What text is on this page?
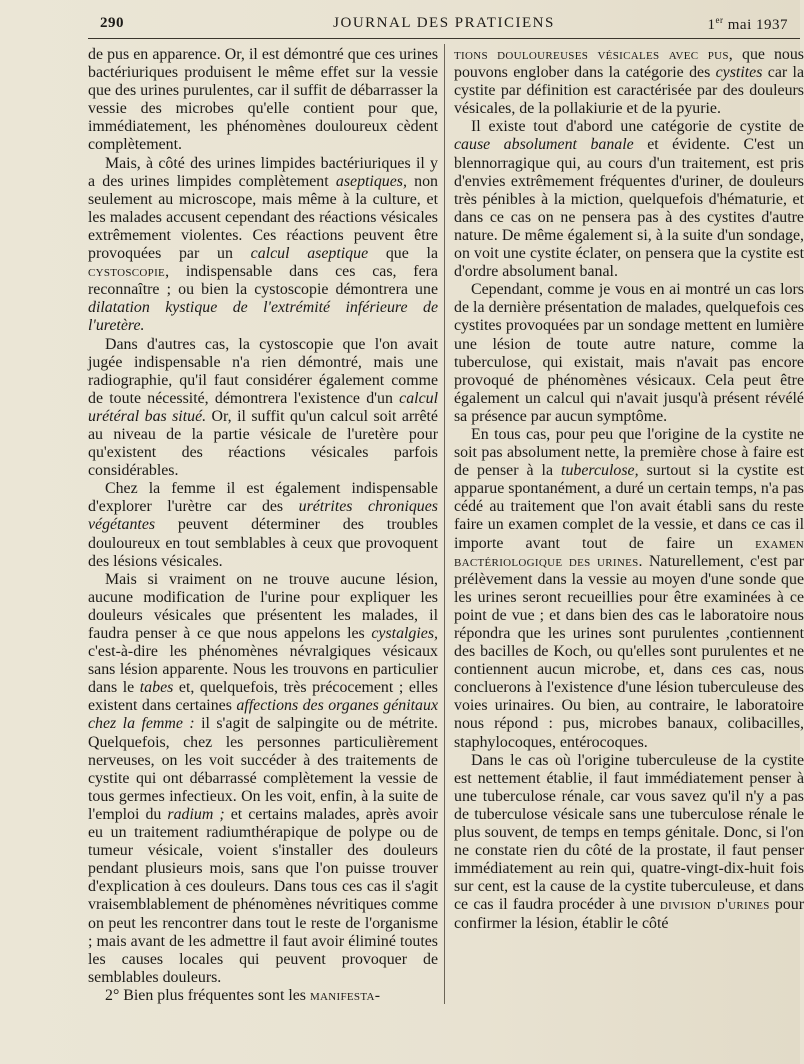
290	JOURNAL DES PRATICIENS	1er mai 1937

de pus en apparence. Or, il est démontré que ces urines bactériuriques produisent le même effet sur la vessie que des urines purulentes, car il suffit de débarrasser la vessie des microbes qu'elle contient pour que, immédiatement, les phénomènes douloureux cèdent complètement.

Mais, à côté des urines limpides bactériuriques il y a des urines limpides complètement aseptiques, non seulement au microscope, mais même à la culture, et les malades accusent cependant des réactions vésicales extrêmement violentes. Ces réactions peuvent être provoquées par un calcul aseptique que la cystoscopie, indispensable dans ces cas, fera reconnaître ; ou bien la cystoscopie démontrera une dilatation kystique de l'extrémité inférieure de l'uretère.

Dans d'autres cas, la cystoscopie que l'on avait jugée indispensable n'a rien démontré, mais une radiographie, qu'il faut considérer également comme de toute nécessité, démontrera l'existence d'un calcul urétéral bas situé. Or, il suffit qu'un calcul soit arrêté au niveau de la partie vésicale de l'uretère pour qu'existent des réactions vésicales parfois considérables.

Chez la femme il est également indispensable d'explorer l'urètre car des urétrites chroniques végétantes peuvent déterminer des troubles douloureux en tout semblables à ceux que provoquent des lésions vésicales.

Mais si vraiment on ne trouve aucune lésion, aucune modification de l'urine pour expliquer les douleurs vésicales que présentent les malades, il faudra penser à ce que nous appelons les cystalgies, c'est-à-dire les phénomènes névralgiques vésicaux sans lésion apparente. Nous les trouvons en particulier dans le tabes et, quelquefois, très précocement ; elles existent dans certaines affections des organes génitaux chez la femme : il s'agit de salpingite ou de métrite. Quelquefois, chez les personnes particulièrement nerveuses, on les voit succéder à des traitements de cystite qui ont débarrassé complètement la vessie de tous germes infectieux. On les voit, enfin, à la suite de l'emploi du radium ; et certains malades, après avoir eu un traitement radiumthérapique de polype ou de tumeur vésicale, voient s'installer des douleurs pendant plusieurs mois, sans que l'on puisse trouver d'explication à ces douleurs. Dans tous ces cas il s'agit vraisemblablement de phénomènes névritiques comme on peut les rencontrer dans tout le reste de l'organisme ; mais avant de les admettre il faut avoir éliminé toutes les causes locales qui peuvent provoquer de semblables douleurs.

2° Bien plus fréquentes sont les manifesta-

tions douloureuses vésicales avec pus, que nous pouvons englober dans la catégorie des cystites car la cystite par définition est caractérisée par des douleurs vésicales, de la pollakiurie et de la pyurie.

Il existe tout d'abord une catégorie de cystite de cause absolument banale et évidente. C'est un blennorragique qui, au cours d'un traitement, est pris d'envies extrêmement fréquentes d'uriner, de douleurs très pénibles à la miction, quelquefois d'hématurie, et dans ce cas on ne pensera pas à des cystites d'autre nature. De même également si, à la suite d'un sondage, on voit une cystite éclater, on pensera que la cystite est d'ordre absolument banal.

Cependant, comme je vous en ai montré un cas lors de la dernière présentation de malades, quelquefois ces cystites provoquées par un sondage mettent en lumière une lésion de toute autre nature, comme la tuberculose, qui existait, mais n'avait pas encore provoqué de phénomènes vésicaux. Cela peut être également un calcul qui n'avait jusqu'à présent révélé sa présence par aucun symptôme.

En tous cas, pour peu que l'origine de la cystite ne soit pas absolument nette, la première chose à faire est de penser à la tuberculose, surtout si la cystite est apparue spontanément, a duré un certain temps, n'a pas cédé au traitement que l'on avait établi sans du reste faire un examen complet de la vessie, et dans ce cas il importe avant tout de faire un examen bactériologique des urines. Naturellement, c'est par prélèvement dans la vessie au moyen d'une sonde que les urines seront recueillies pour être examinées à ce point de vue ; et dans bien des cas le laboratoire nous répondra que les urines sont purulentes ,contiennent des bacilles de Koch, ou qu'elles sont purulentes et ne contiennent aucun microbe, et, dans ces cas, nous concluerons à l'existence d'une lésion tuberculeuse des voies urinaires. Ou bien, au contraire, le laboratoire nous répond : pus, microbes banaux, colibacilles, staphylocoques, entérocoques.

Dans le cas où l'origine tuberculeuse de la cystite est nettement établie, il faut immédiatement penser à une tuberculose rénale, car vous savez qu'il n'y a pas de tuberculose vésicale sans une tuberculose rénale le plus souvent, de temps en temps génitale. Donc, si l'on ne constate rien du côté de la prostate, il faut penser immédiatement au rein qui, quatre-vingt-dix-huit fois sur cent, est la cause de la cystite tuberculeuse, et dans ce cas il faudra procéder à une division d'urines pour confirmer la lésion, établir le côté
